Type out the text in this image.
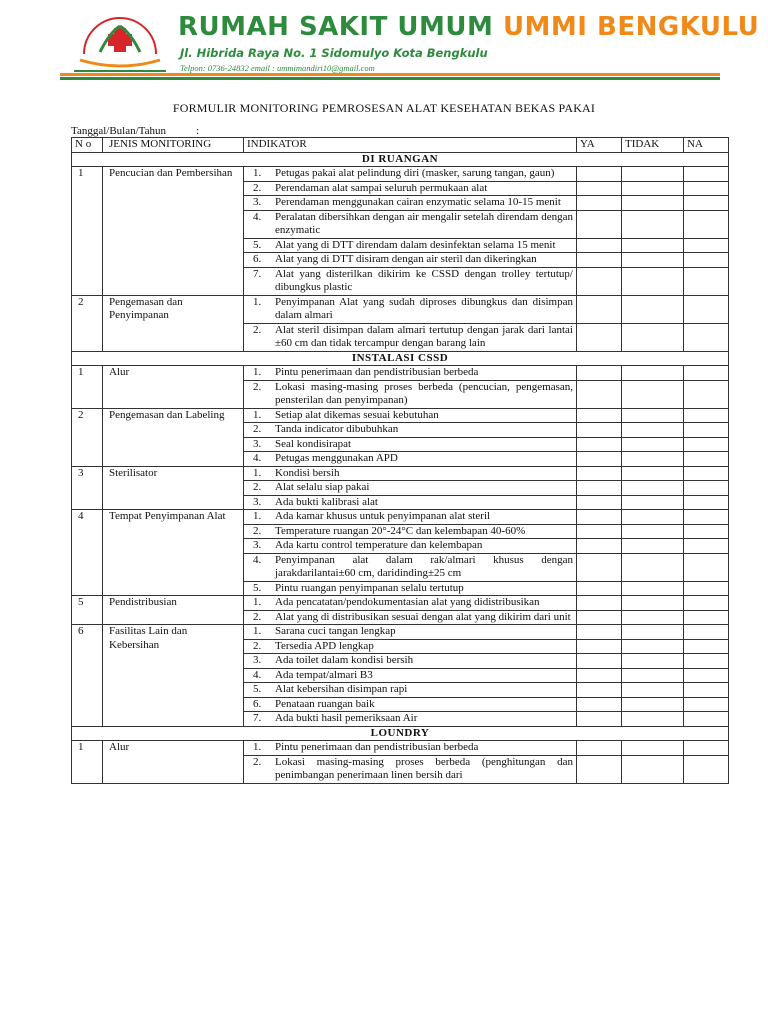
RUMAH SAKIT UMUM UMMI BENGKULU
Jl. Hibrida Raya No. 1 Sidomulyo Kota Bengkulu
Telpon: 0736-24832 email : ummimandiri10@gmail.com
FORMULIR MONITORING PEMROSESAN ALAT KESEHATAN BEKAS PAKAI
Tanggal/Bulan/Tahun	:
N o	JENIS MONITORING	INDIKATOR	YA	TIDAK	NA
DI RUANGAN					
1	Pencucian dan Pembersihan	1. Petugas pakai alat pelindung diri (masker, sarung tangan, gaun)			

		2. Perendaman alat sampai seluruh permukaan alat			

		3. Perendaman menggunakan cairan enzymatic selama 10-15 menit			

		4. Peralatan dibersihkan dengan air mengalir setelah direndam dengan enzymatic			

		5. Alat yang di DTT direndam dalam desinfektan selama 15 menit			

		6. Alat yang di DTT disiram dengan air steril dan dikeringkan			

		7. Alat yang disterilkan dikirim ke CSSD dengan trolley tertutup/ dibungkus plastic			

2	Pengemasan dan Penyimpanan	1. Penyimpanan Alat yang sudah diproses dibungkus dan disimpan dalam almari			

		2. Alat steril disimpan dalam almari tertutup dengan jarak dari lantai ±60 cm dan tidak tercampur dengan barang lain			

INSTALASI CSSD					
1	Alur	1. Pintu penerimaan dan pendistribusian berbeda			

		2. Lokasi masing-masing proses berbeda (pencucian, pengemasan, pensterilan dan penyimpanan)			

2	Pengemasan dan Labeling	1. Setiap alat dikemas sesuai kebutuhan			

		2. Tanda indicator dibubuhkan			

		3. Seal kondisirapat			

		4. Petugas menggunakan APD			

3	Sterilisator	1. Kondisi bersih			

		2. Alat selalu siap pakai			

		3. Ada bukti kalibrasi alat			

4	Tempat Penyimpanan Alat	1. Ada kamar khusus untuk penyimpanan alat steril			

		2. Temperature ruangan 20°-24°C dan kelembapan 40-60%			

		3. Ada kartu control temperature dan kelembapan			

		4. Penyimpanan alat dalam rak/almari khusus dengan jarakdarilantai±60 cm, daridinding±25 cm			

		5. Pintu ruangan penyimpanan selalu tertutup			

5	Pendistribusian	1. Ada pencatatan/pendokumentasian alat yang didistribusikan			

		2. Alat yang di distribusikan sesuai dengan alat yang dikirim dari unit			

6	Fasilitas Lain dan Kebersihan	1. Sarana cuci tangan lengkap			

		2. Tersedia APD lengkap			

		3. Ada toilet dalam kondisi bersih			

		4. Ada tempat/almari B3			

		5. Alat kebersihan disimpan rapi			

		6. Penataan ruangan baik			

		7. Ada bukti hasil pemeriksaan Air			

LOUNDRY					
1	Alur	1. Pintu penerimaan dan pendistribusian berbeda			

		2. Lokasi masing-masing proses berbeda (penghitungan dan penimbangan penerimaan linen bersih dari			
